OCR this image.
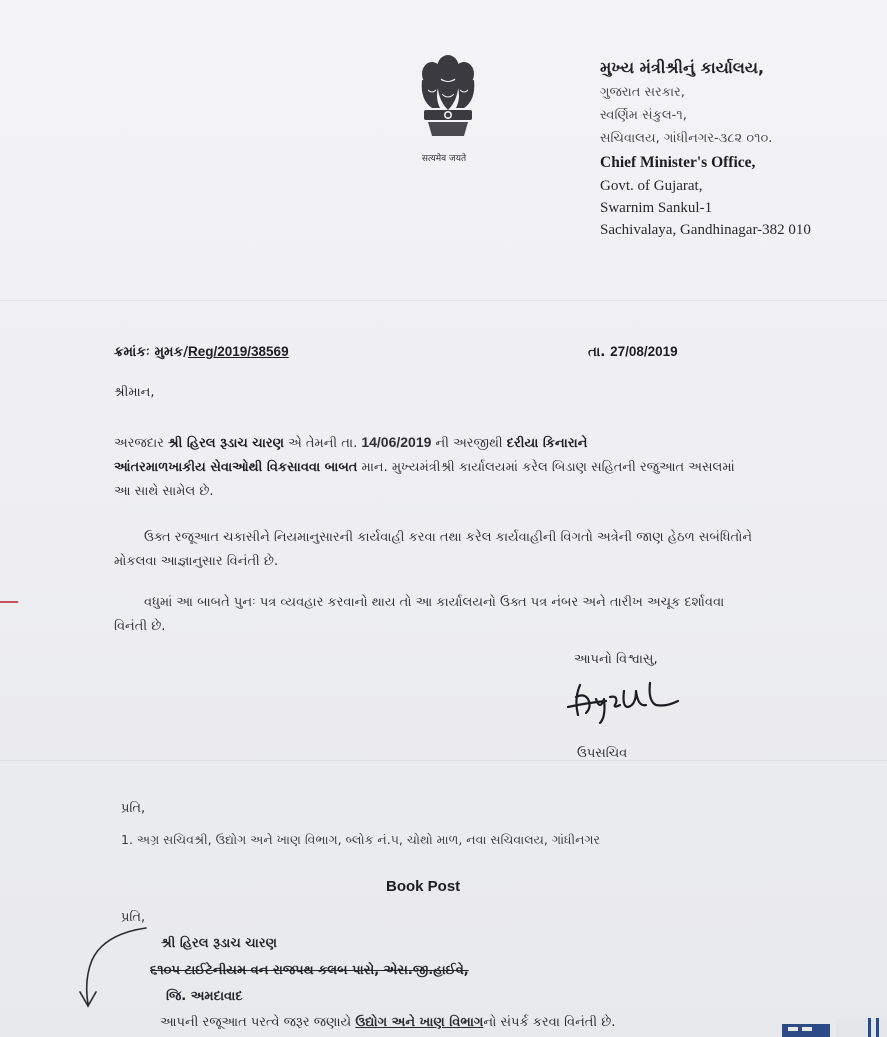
सत्यमेव जयते
મુખ્ય મંત્રીશ્રીનું કાર્યાલય,
ગુજરાત સરકાર,
સ્વર્ણિમ સંકુલ-૧,
સચિવાલય, ગાંધીનગર-૩૮૨ ૦૧૦.
Chief Minister's Office,
Govt. of Gujarat,
Swarnim Sankul-1
Sachivalaya, Gandhinagar-382 010
ક્રમાંકઃ મુમક/Reg/2019/38569	તા. 27/08/2019
શ્રીમાન,
અરજદાર શ્રી હિરલ રૂડાચ ચારણ એ તેમની તા. 14/06/2019 ની અરજીથી દરીયા કિનારાને
આંતરમાળખાકીય સેવાઓથી વિકસાવવા બાબત માન. મુખ્યમંત્રીશ્રી કાર્યાલયમાં કરેલ બિડાણ સહિતની રજુઆત અસલમાં આ સાથે સામેલ છે.
ઉક્ત રજૂઆત ચકાસીને નિયમાનુસારની કાર્યવાહી કરવા તથા કરેલ કાર્યવાહીની વિગતો અત્રેની જાણ હેઠળ સબંધિતોને મોકલવા આજ્ઞાનુસાર વિનંતી છે.
વધુમાં આ બાબતે પુનઃ પત્ર વ્યવહાર કરવાનો થાય તો આ કાર્યાલયનો ઉક્ત પત્ર નંબર અને તારીખ અચૂક દર્શાવવા વિનંતી છે.
આપનો વિશ્વાસુ,
ઉપસચિવ
પ્રતિ,
1. અગ્ર સચિવશ્રી, ઉદ્યોગ અને ખાણ વિભાગ, બ્લોક નં.૫, ચોથો માળ, નવા સચિવાલય, ગાંધીનગર
Book Post
પ્રતિ,
શ્રી હિરલ રૂડાચ ચારણ
૬૧૦૫ ટાઈટેનીયમ વન રાજપથ કલબ પાસે, એસ.જી.હાઈવે,
જિ. અમદાવાદ
આપની રજૂઆત પરત્વે જરૂર જણાયે ઉદ્યોગ અને ખાણ વિભાગનો સંપર્ક કરવા વિનંતી છે.
